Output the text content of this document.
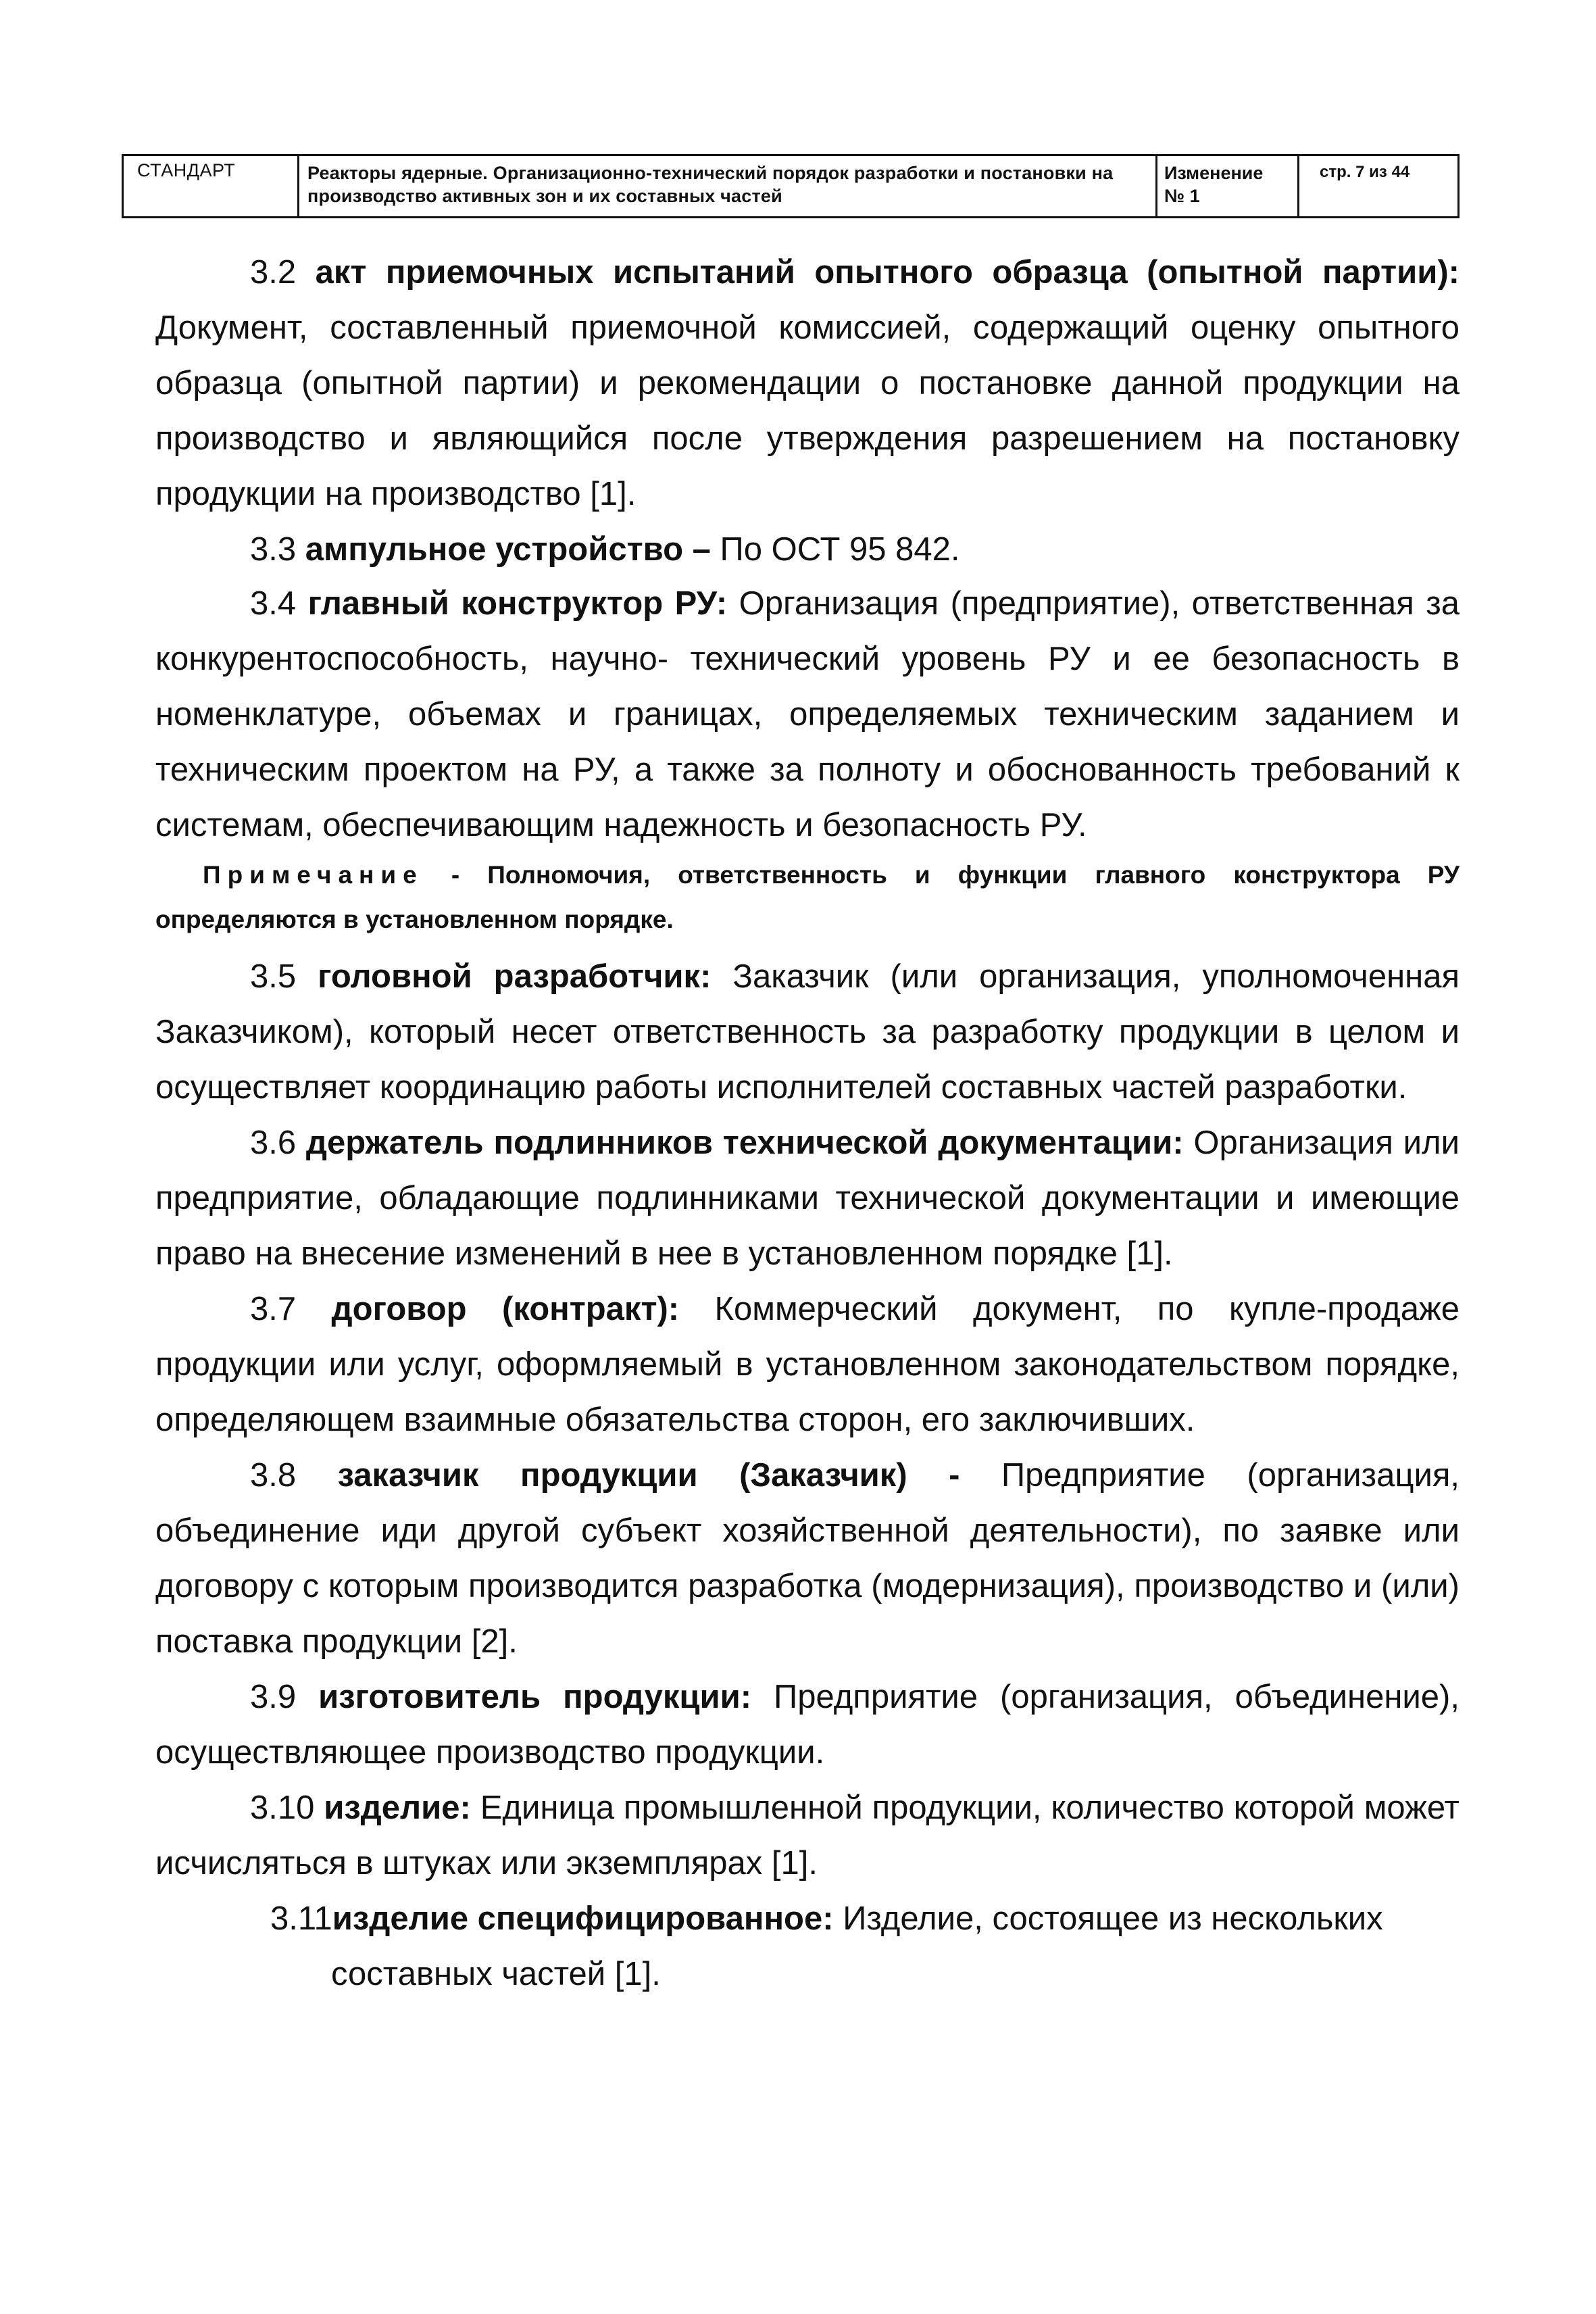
СТАНДАРТ	Реакторы ядерные. Организационно-технический порядок разработки и постановки на производство активных зон и их составных частей
Изменение
№ 1
стр. 7 из 44
3.2 акт приемочных испытаний опытного образца (опытной партии): Документ, составленный приемочной комиссией, содержащий оценку опытного образца (опытной партии) и рекомендации о постановке данной продукции на производство и являющийся после утверждения разрешением на постановку продукции на производство [1].
3.3 ампульное устройство – По ОСТ 95 842.
3.4 главный конструктор РУ: Организация (предприятие), ответственная за конкурентоспособность, научно- технический уровень РУ и ее безопасность в номенклатуре, объемах и границах, определяемых техническим заданием и техническим проектом на РУ, а также за полноту и обоснованность требований к системам, обеспечивающим надежность и безопасность РУ.
Примечание - Полномочия, ответственность и функции главного конструктора РУ определяются в установленном порядке.
3.5 головной разработчик: Заказчик (или организация, уполномоченная Заказчиком), который несет ответственность за разработку продукции в целом и осуществляет координацию работы исполнителей составных частей разработки.
3.6 держатель подлинников технической документации: Организация или предприятие, обладающие подлинниками технической документации и имеющие право на внесение изменений в нее в установленном порядке [1].
3.7 договор (контракт): Коммерческий документ, по купле-продаже продукции или услуг, оформляемый в установленном законодательством порядке, определяющем взаимные обязательства сторон, его заключивших.
3.8 заказчик продукции (Заказчик) - Предприятие (организация, объединение иди другой субъект хозяйственной деятельности), по заявке или договору с которым производится разработка (модернизация), производство и (или) поставка продукции [2].
3.9 изготовитель продукции: Предприятие (организация, объединение), осуществляющее производство продукции.
3.10 изделие: Единица промышленной продукции, количество которой может исчисляться в штуках или экземплярах [1].
3.11изделие специфицированное: Изделие, состоящее из нескольких
составных частей [1].
